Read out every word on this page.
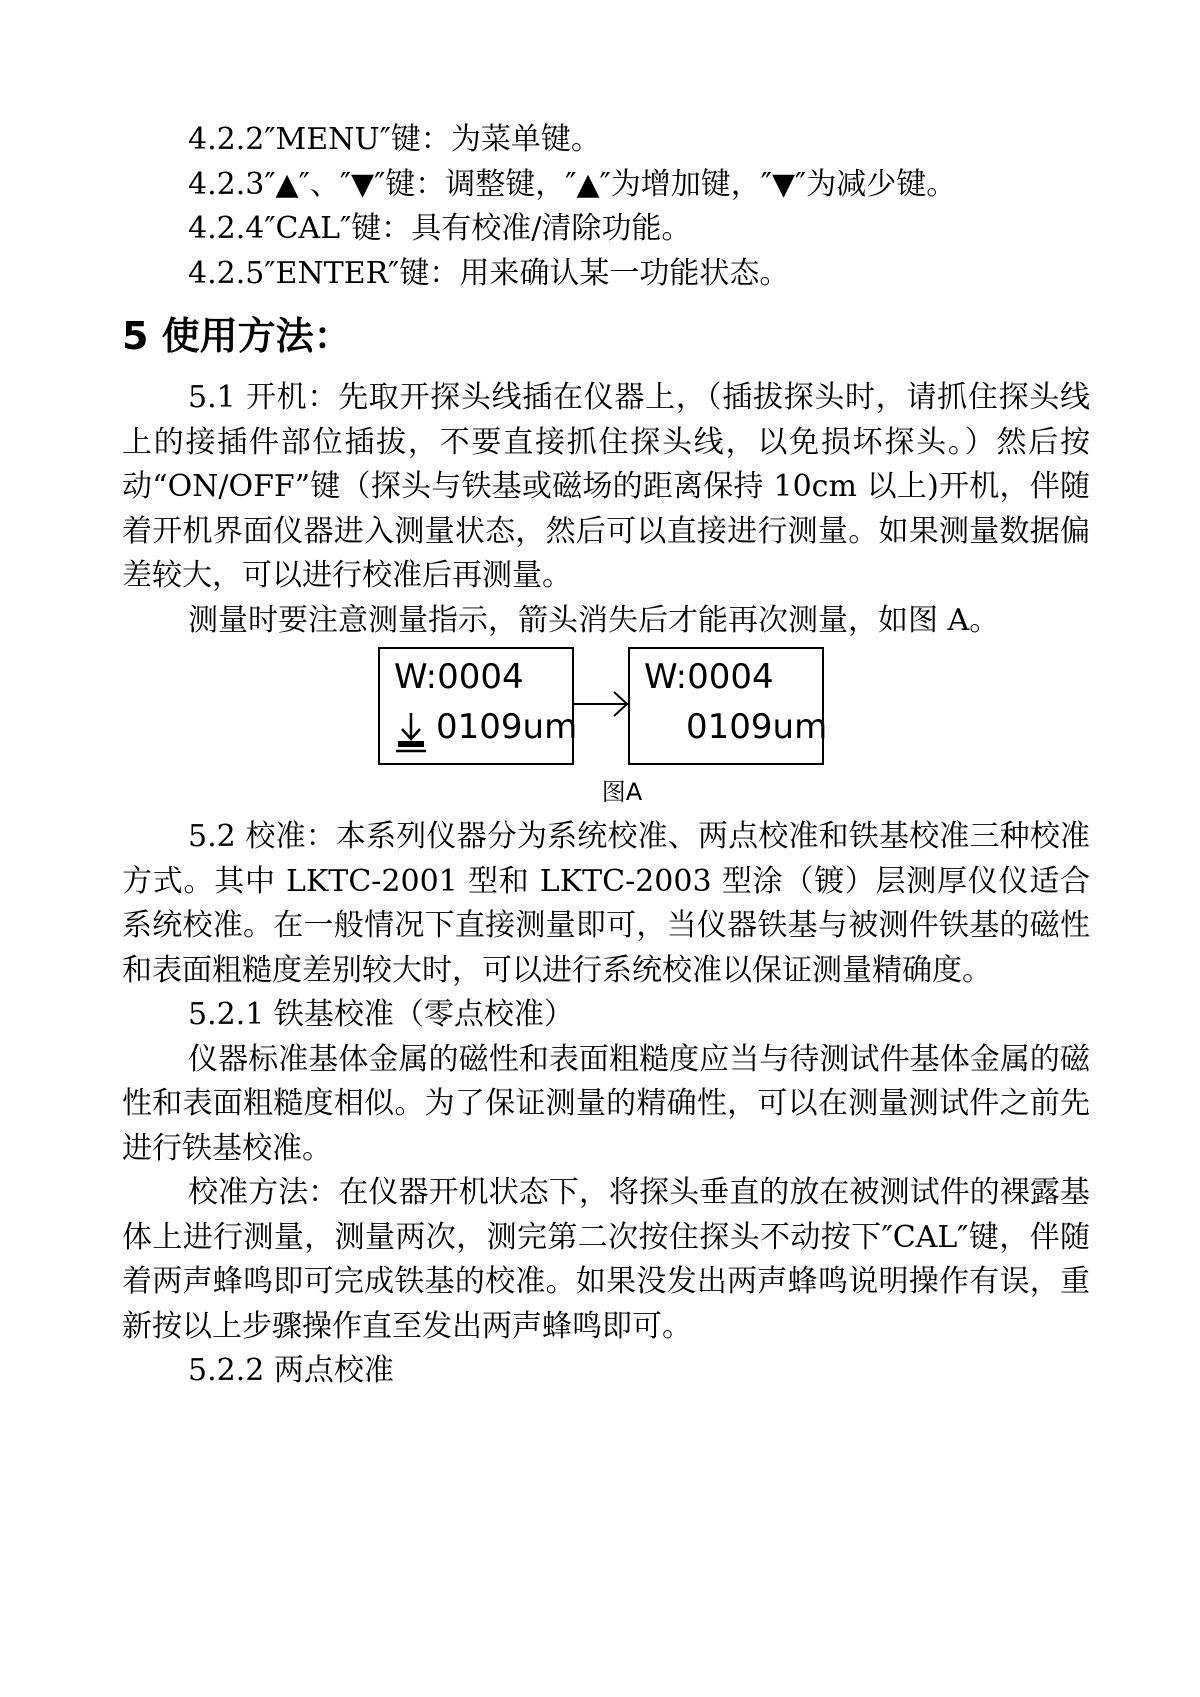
4.2.2″MENU″键：为菜单键。

4.2.3″▲″、″▼″键：调整键，″▲″为增加键，″▼″为减少键。

4.2.4″CAL″键：具有校准/清除功能。

4.2.5″ENTER″键：用来确认某一功能状态。

5 使用方法：

5.1 开机：先取开探头线插在仪器上，（插拔探头时，请抓住探头线上的接插件部位插拔，不要直接抓住探头线，以免损坏探头。）然后按动“ON/OFF”键（探头与铁基或磁场的距离保持 10cm 以上)开机，伴随着开机界面仪器进入测量状态，然后可以直接进行测量。如果测量数据偏差较大，可以进行校准后再测量。

测量时要注意测量指示，箭头消失后才能再次测量，如图 A。

W:0004
0109um
W:0004
0109um
图A

5.2 校准：本系列仪器分为系统校准、两点校准和铁基校准三种校准方式。其中 LKTC-2001 型和 LKTC-2003 型涂（镀）层测厚仪仪适合系统校准。在一般情况下直接测量即可，当仪器铁基与被测件铁基的磁性和表面粗糙度差别较大时，可以进行系统校准以保证测量精确度。

5.2.1 铁基校准（零点校准）

仪器标准基体金属的磁性和表面粗糙度应当与待测试件基体金属的磁性和表面粗糙度相似。为了保证测量的精确性，可以在测量测试件之前先进行铁基校准。

校准方法：在仪器开机状态下，将探头垂直的放在被测试件的裸露基体上进行测量，测量两次，测完第二次按住探头不动按下″CAL″键，伴随着两声蜂鸣即可完成铁基的校准。如果没发出两声蜂鸣说明操作有误，重新按以上步骤操作直至发出两声蜂鸣即可。

5.2.2 两点校准
